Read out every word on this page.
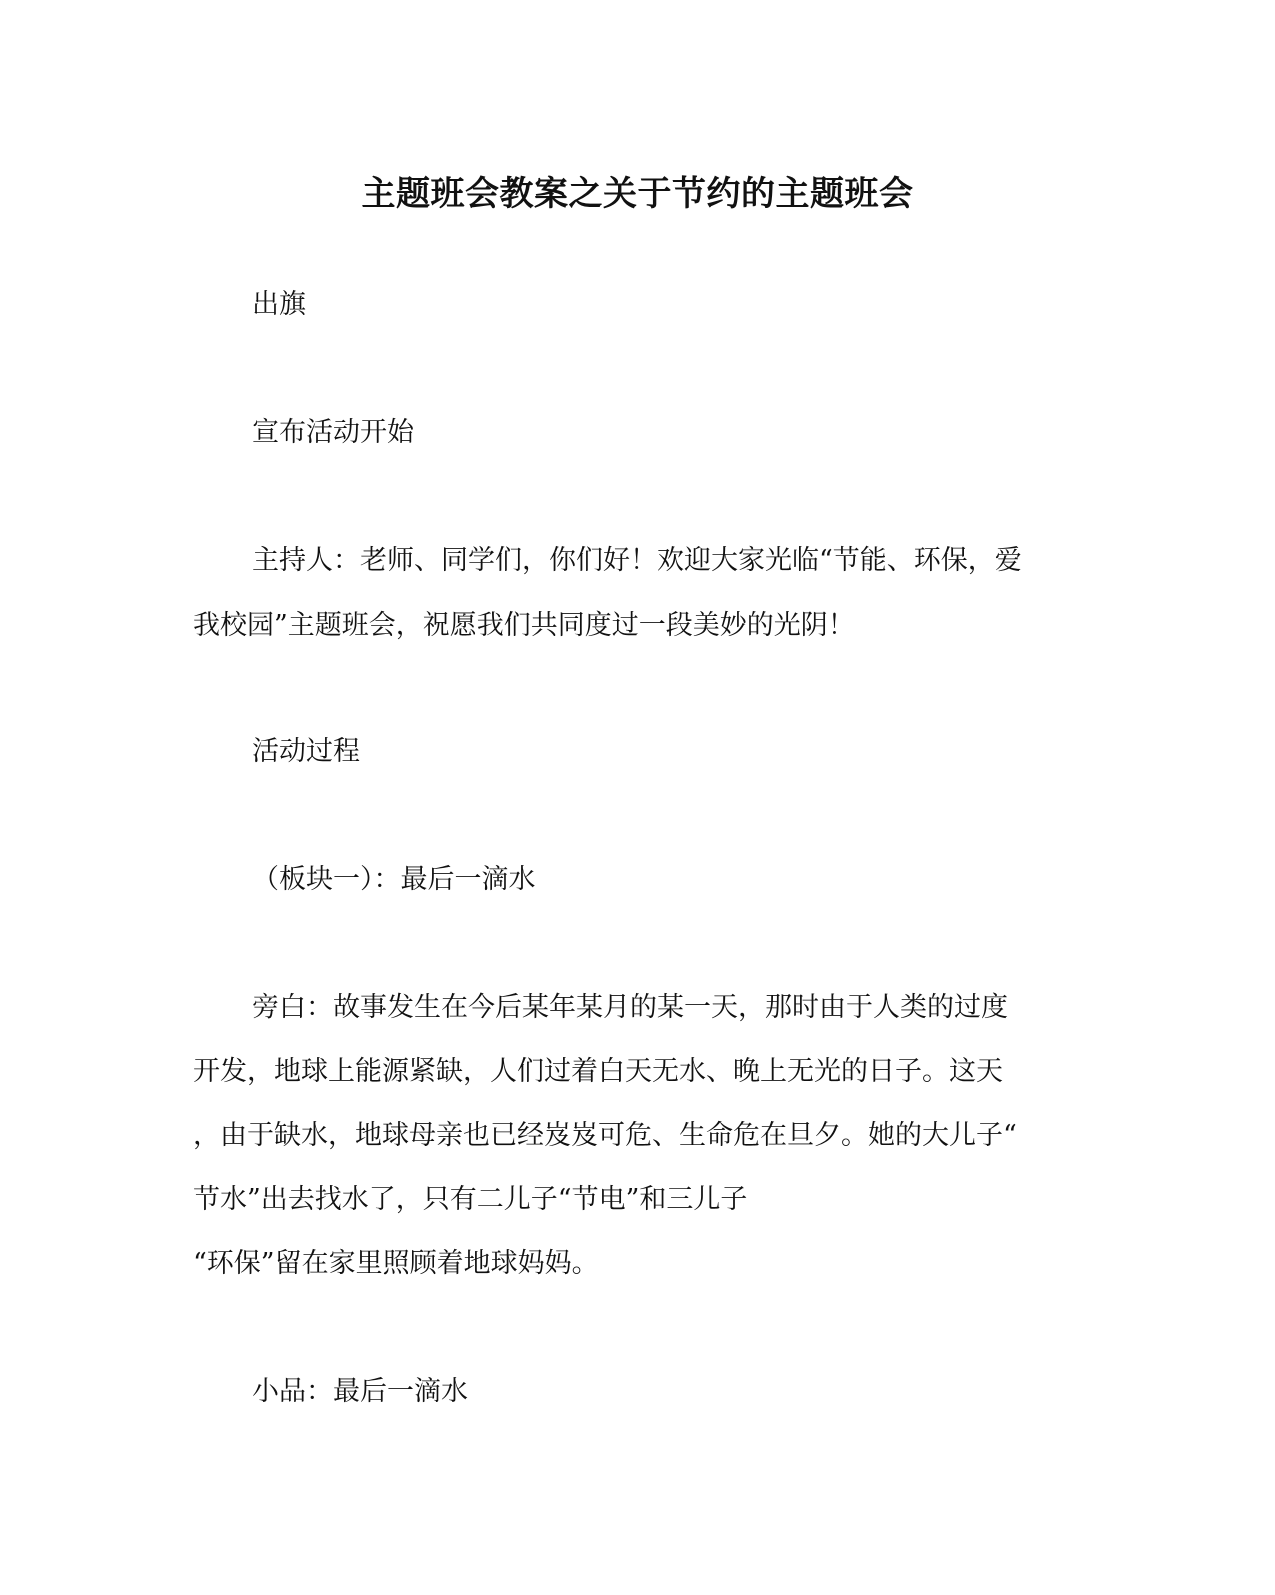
主题班会教案之关于节约的主题班会
出旗
宣布活动开始
主持人：老师、同学们，你们好！欢迎大家光临“节能、环保，爱
我校园”主题班会，祝愿我们共同度过一段美妙的光阴！
活动过程
（板块一）：最后一滴水
旁白：故事发生在今后某年某月的某一天，那时由于人类的过度
开发，地球上能源紧缺，人们过着白天无水、晚上无光的日子。这天
，由于缺水，地球母亲也已经岌岌可危、生命危在旦夕。她的大儿子“
节水”出去找水了，只有二儿子“节电”和三儿子
“环保”留在家里照顾着地球妈妈。
小品：最后一滴水
